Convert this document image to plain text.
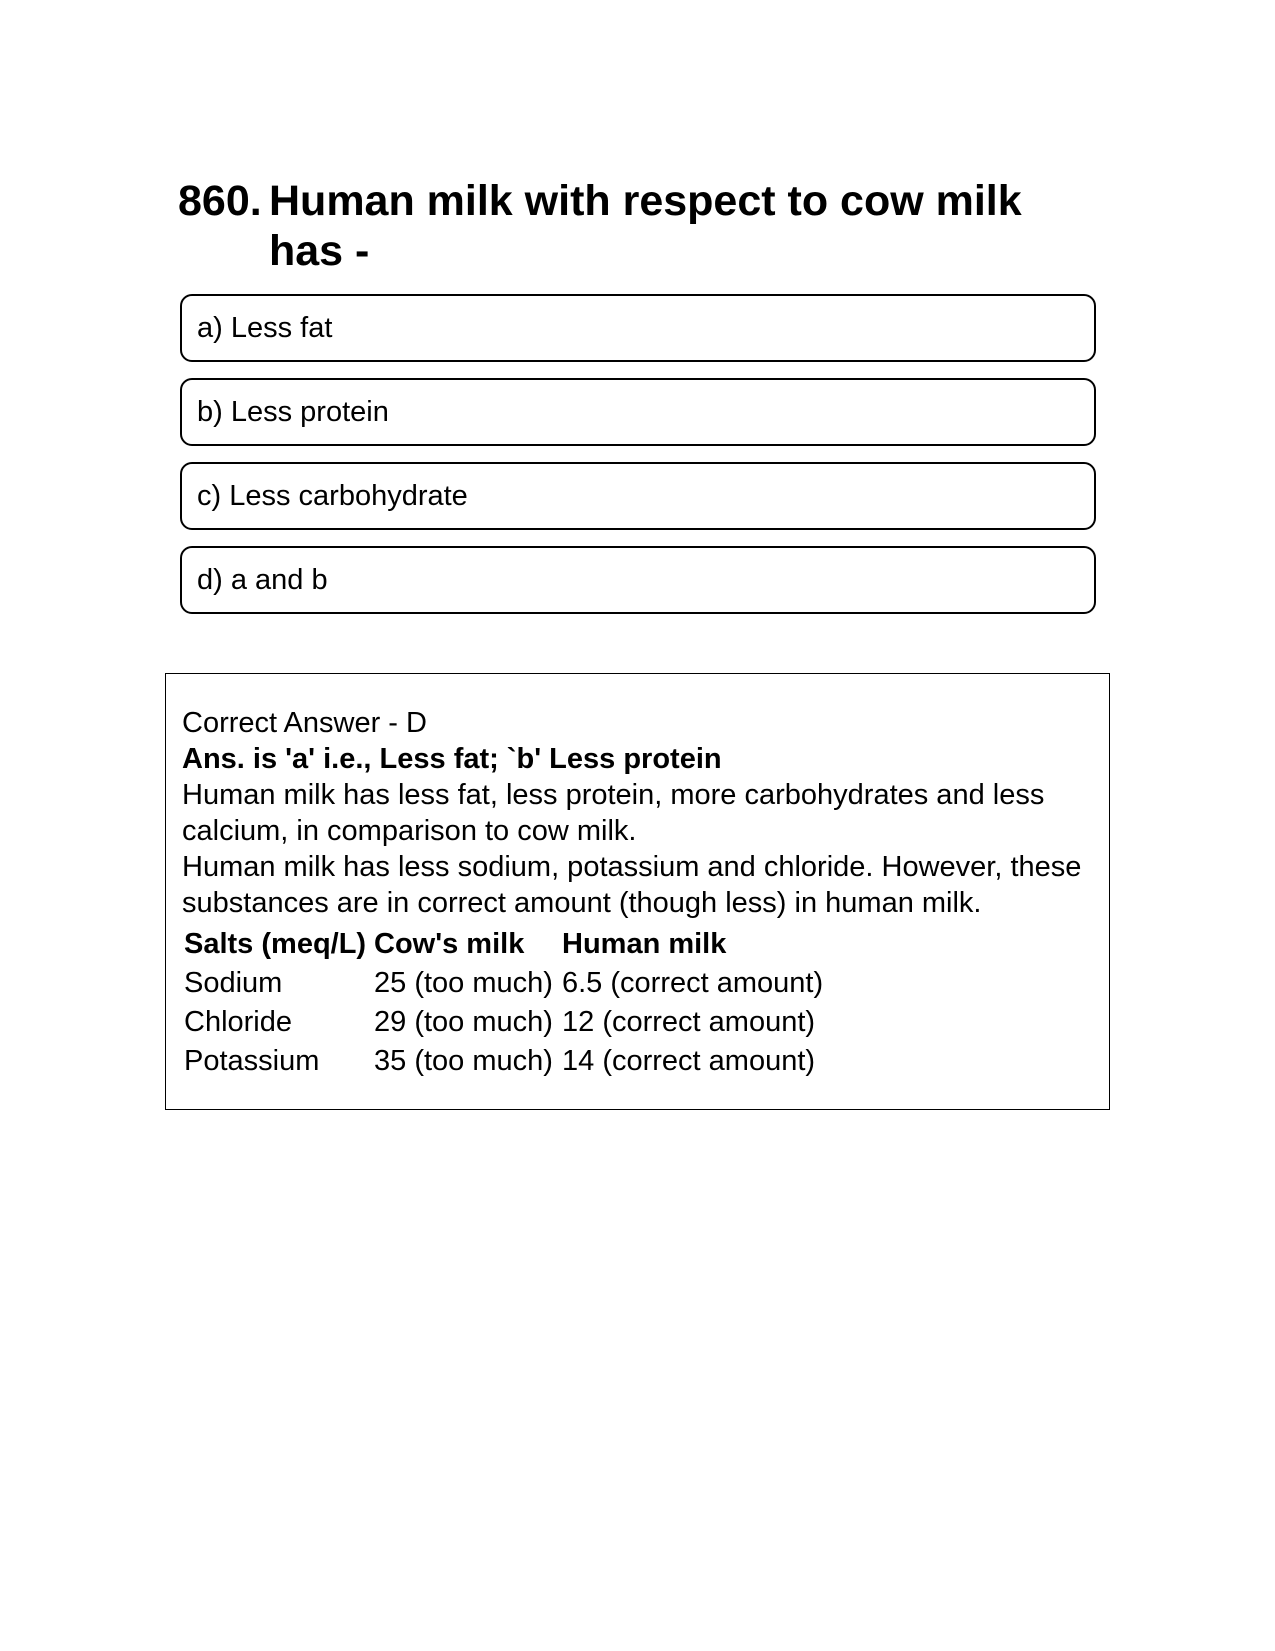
860. Human milk with respect to cow milk has -
a) Less fat
b) Less protein
c) Less carbohydrate
d) a and b

Correct Answer - D

Ans. is 'a' i.e., Less fat; `b' Less protein

Human milk has less fat, less protein, more carbohydrates and less calcium, in comparison to cow milk.

Human milk has less sodium, potassium and chloride. However, these substances are in correct amount (though less) in human milk.

Salts (meq/L)	Cow's milk	Human milk
Sodium	25 (too much)	6.5 (correct amount)
Chloride	29 (too much)	12 (correct amount)
Potassium	35 (too much)	14 (correct amount)
